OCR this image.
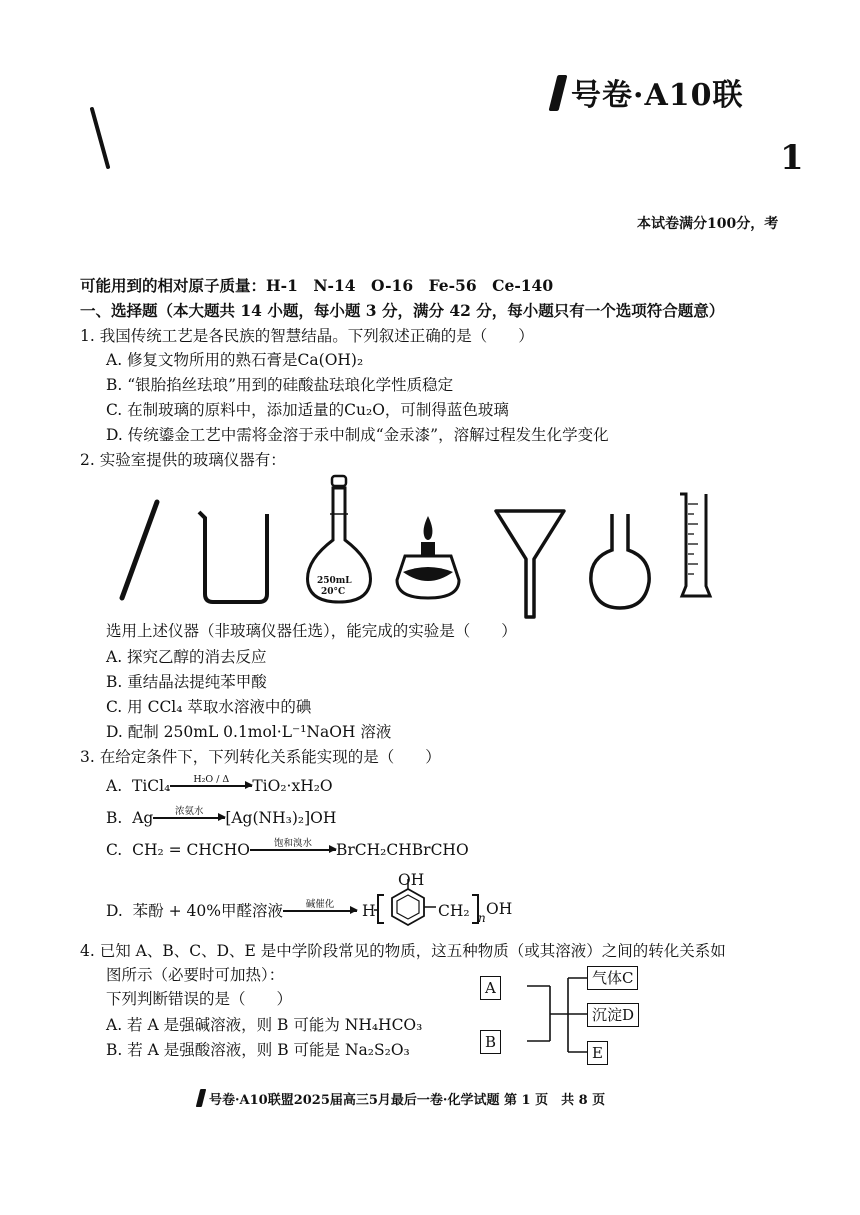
号卷·A10联
1
本试卷满分100分，考
可能用到的相对原子质量：H-1　N-14　O-16　Fe-56　Ce-140
一、选择题（本大题共 14 小题，每小题 3 分，满分 42 分，每小题只有一个选项符合题意）
1. 我国传统工艺是各民族的智慧结晶。下列叙述正确的是（　　）
A. 修复文物所用的熟石膏是Ca(OH)₂
B. “银胎掐丝珐琅”用到的硅酸盐珐琅化学性质稳定
C. 在制玻璃的原料中，添加适量的Cu₂O，可制得蓝色玻璃
D. 传统鎏金工艺中需将金溶于汞中制成“金汞漆”，溶解过程发生化学变化
2. 实验室提供的玻璃仪器有：
250mL
20°C
选用上述仪器（非玻璃仪器任选），能完成的实验是（　　）
A. 探究乙醇的消去反应
B. 重结晶法提纯苯甲酸
C. 用 CCl₄ 萃取水溶液中的碘
D. 配制 250mL 0.1mol·L⁻¹NaOH 溶液
3. 在给定条件下，下列转化关系能实现的是（　　）
A. TiCl₄	H₂O / Δ	TiO₂·xH₂O
B. Ag	浓氨水	[Ag(NH₃)₂]OH
C. CH₂ = CHCHO	饱和溴水	BrCH₂CHBrCHO
D. 苯酚 + 40%甲醛溶液	碱催化	H
OH
CH₂ n OH
4. 已知 A、B、C、D、E 是中学阶段常见的物质，这五种物质（或其溶液）之间的转化关系如
图所示（必要时可加热）：
下列判断错误的是（　　）
A. 若 A 是强碱溶液，则 B 可能为 NH₄HCO₃
B. 若 A 是强酸溶液，则 B 可能是 Na₂S₂O₃
A
B
气体C
沉淀D
E
号卷·A10联盟2025届高三5月最后一卷·化学试题 第 1 页　共 8 页
